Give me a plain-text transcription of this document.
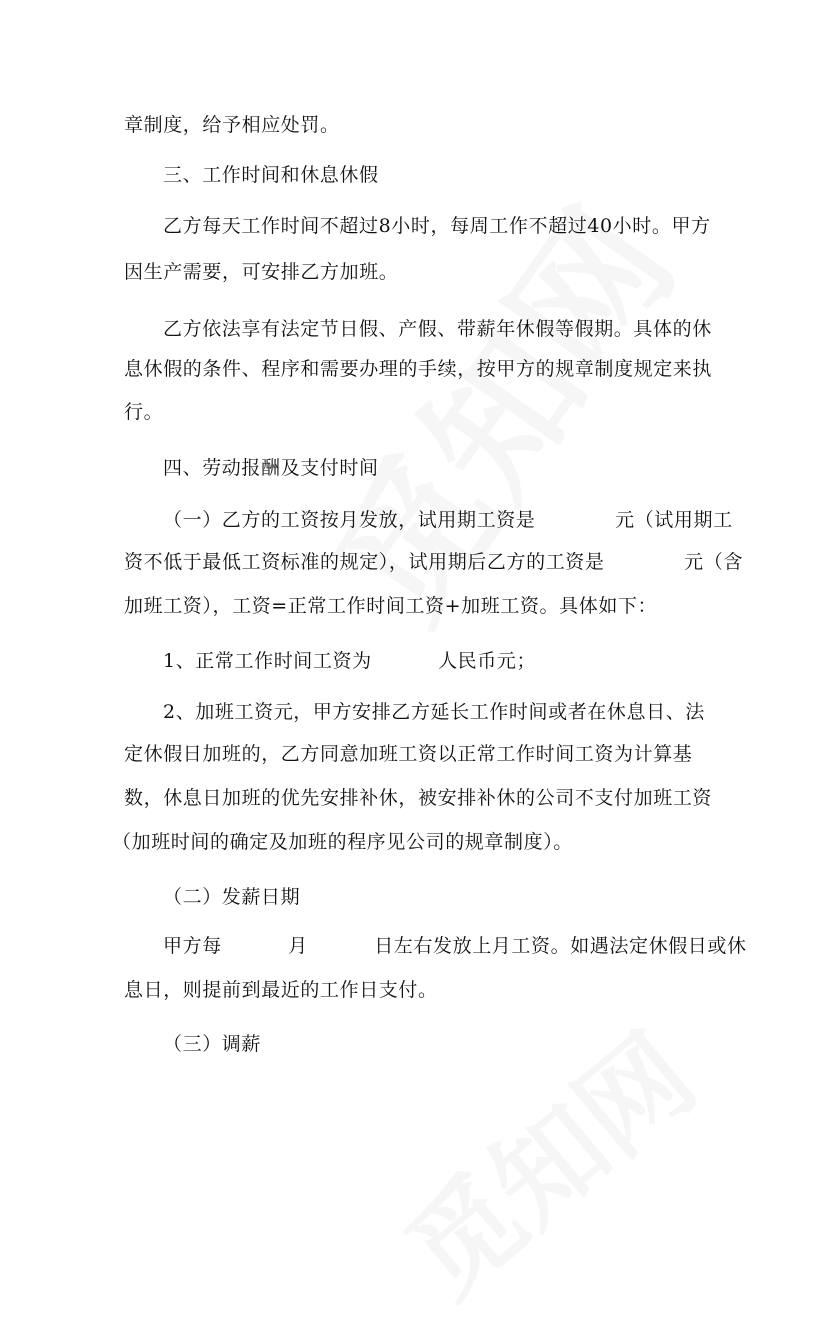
章制度，给予相应处罚。
三、工作时间和休息休假
乙方每天工作时间不超过8小时，每周工作不超过40小时。甲方
因生产需要，可安排乙方加班。
乙方依法享有法定节日假、产假、带薪年休假等假期。具体的休
息休假的条件、程序和需要办理的手续，按甲方的规章制度规定来执
行。
四、劳动报酬及支付时间
（一）乙方的工资按月发放，试用期工资是            元（试用期工
资不低于最低工资标准的规定），试用期后乙方的工资是            元（含
加班工资），工资=正常工作时间工资+加班工资。具体如下：
1、正常工作时间工资为          人民币元；
2、加班工资元，甲方安排乙方延长工作时间或者在休息日、法
定休假日加班的，乙方同意加班工资以正常工作时间工资为计算基
数，休息日加班的优先安排补休，被安排补休的公司不支付加班工资
（加班时间的确定及加班的程序见公司的规章制度）。
（二）发薪日期
甲方每          月          日左右发放上月工资。如遇法定休假日或休
息日，则提前到最近的工作日支付。
（三）调薪
